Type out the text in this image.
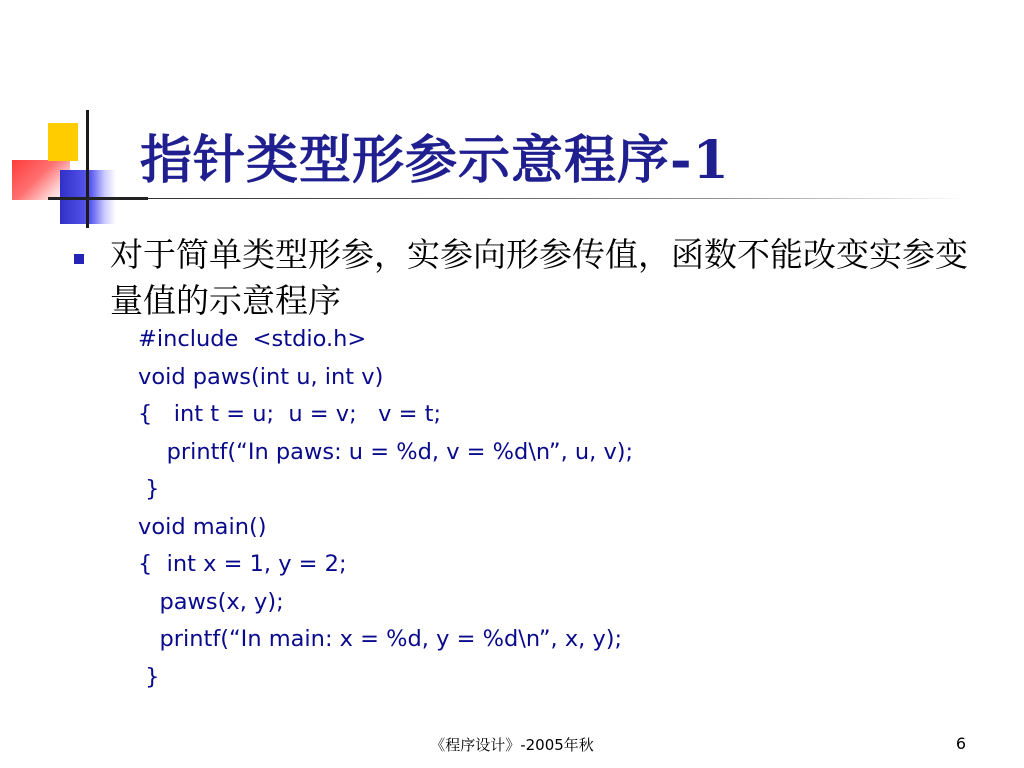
指针类型形参示意程序-1
对于简单类型形参，实参向形参传值，函数不能改变实参变量值的示意程序
#include  <stdio.h>
void paws(int u, int v)
{   int t = u;  u = v;   v = t;
printf(“In paws: u = %d, v = %d\n”, u, v);
}
void main()
{  int x = 1, y = 2;
paws(x, y);
printf(“In main: x = %d, y = %d\n”, x, y);
}
《程序设计》-2005年秋	6
